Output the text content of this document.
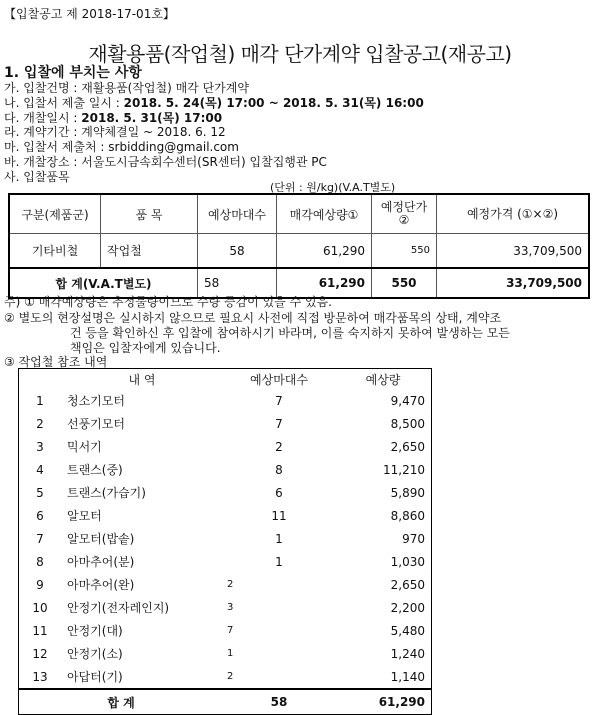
【입찰공고 제 2018-17-01호】
재활용품(작업철) 매각 단가계약 입찰공고(재공고)
1. 입찰에 부치는 사항
가. 입찰건명 : 재활용품(작업철) 매각 단가계약
나. 입찰서 제출 일시 : 2018. 5. 24(목) 17:00 ~ 2018. 5. 31(목) 16:00
다. 개찰일시 : 2018. 5. 31(목) 17:00
라. 계약기간 : 계약체결일 ~ 2018. 6. 12
마. 입찰서 제출처 : srbidding@gmail.com
바. 개찰장소 : 서울도시금속회수센터(SR센터) 입찰집행관 PC
사. 입찰품목
(단위 : 원/kg)(V.A.T별도)
구분(제품군)	품 목	예상마대수	매각예상량①	예정단가 ②	예정가격 (①×②)
기타비철	작업철	58	61,290	550	33,709,500
합 계(V.A.T별도)		58	61,290	550	33,709,500
주) ① 매각예상량은 추정물량이므로 수량 증감이 있을 수 있음.
② 별도의 현장설명은 실시하지 않으므로 필요시 사전에 직접 방문하여 매각품목의 상태, 계약조
건 등을 확인하신 후 입찰에 참여하시기 바라며, 이를 숙지하지 못하여 발생하는 모든
책임은 입찰자에게 있습니다.
③ 작업철 참조 내역
	내 역	예상마대수	예상량
1	청소기모터	7	9,470
2	선풍기모터	7	8,500
3	믹서기	2	2,650
4	트랜스(중)	8	11,210
5	트랜스(가습기)	6	5,890
6	알모터	11	8,860
7	알모터(밥솥)	1	970
8	아마추어(분)	1	1,030
9	아마추어(완)	2	2,650
10	안정기(전자레인지)	3	2,200
11	안정기(대)	7	5,480
12	안정기(소)	1	1,240
13	아답터(기)	2	1,140
합 계		58	61,290
